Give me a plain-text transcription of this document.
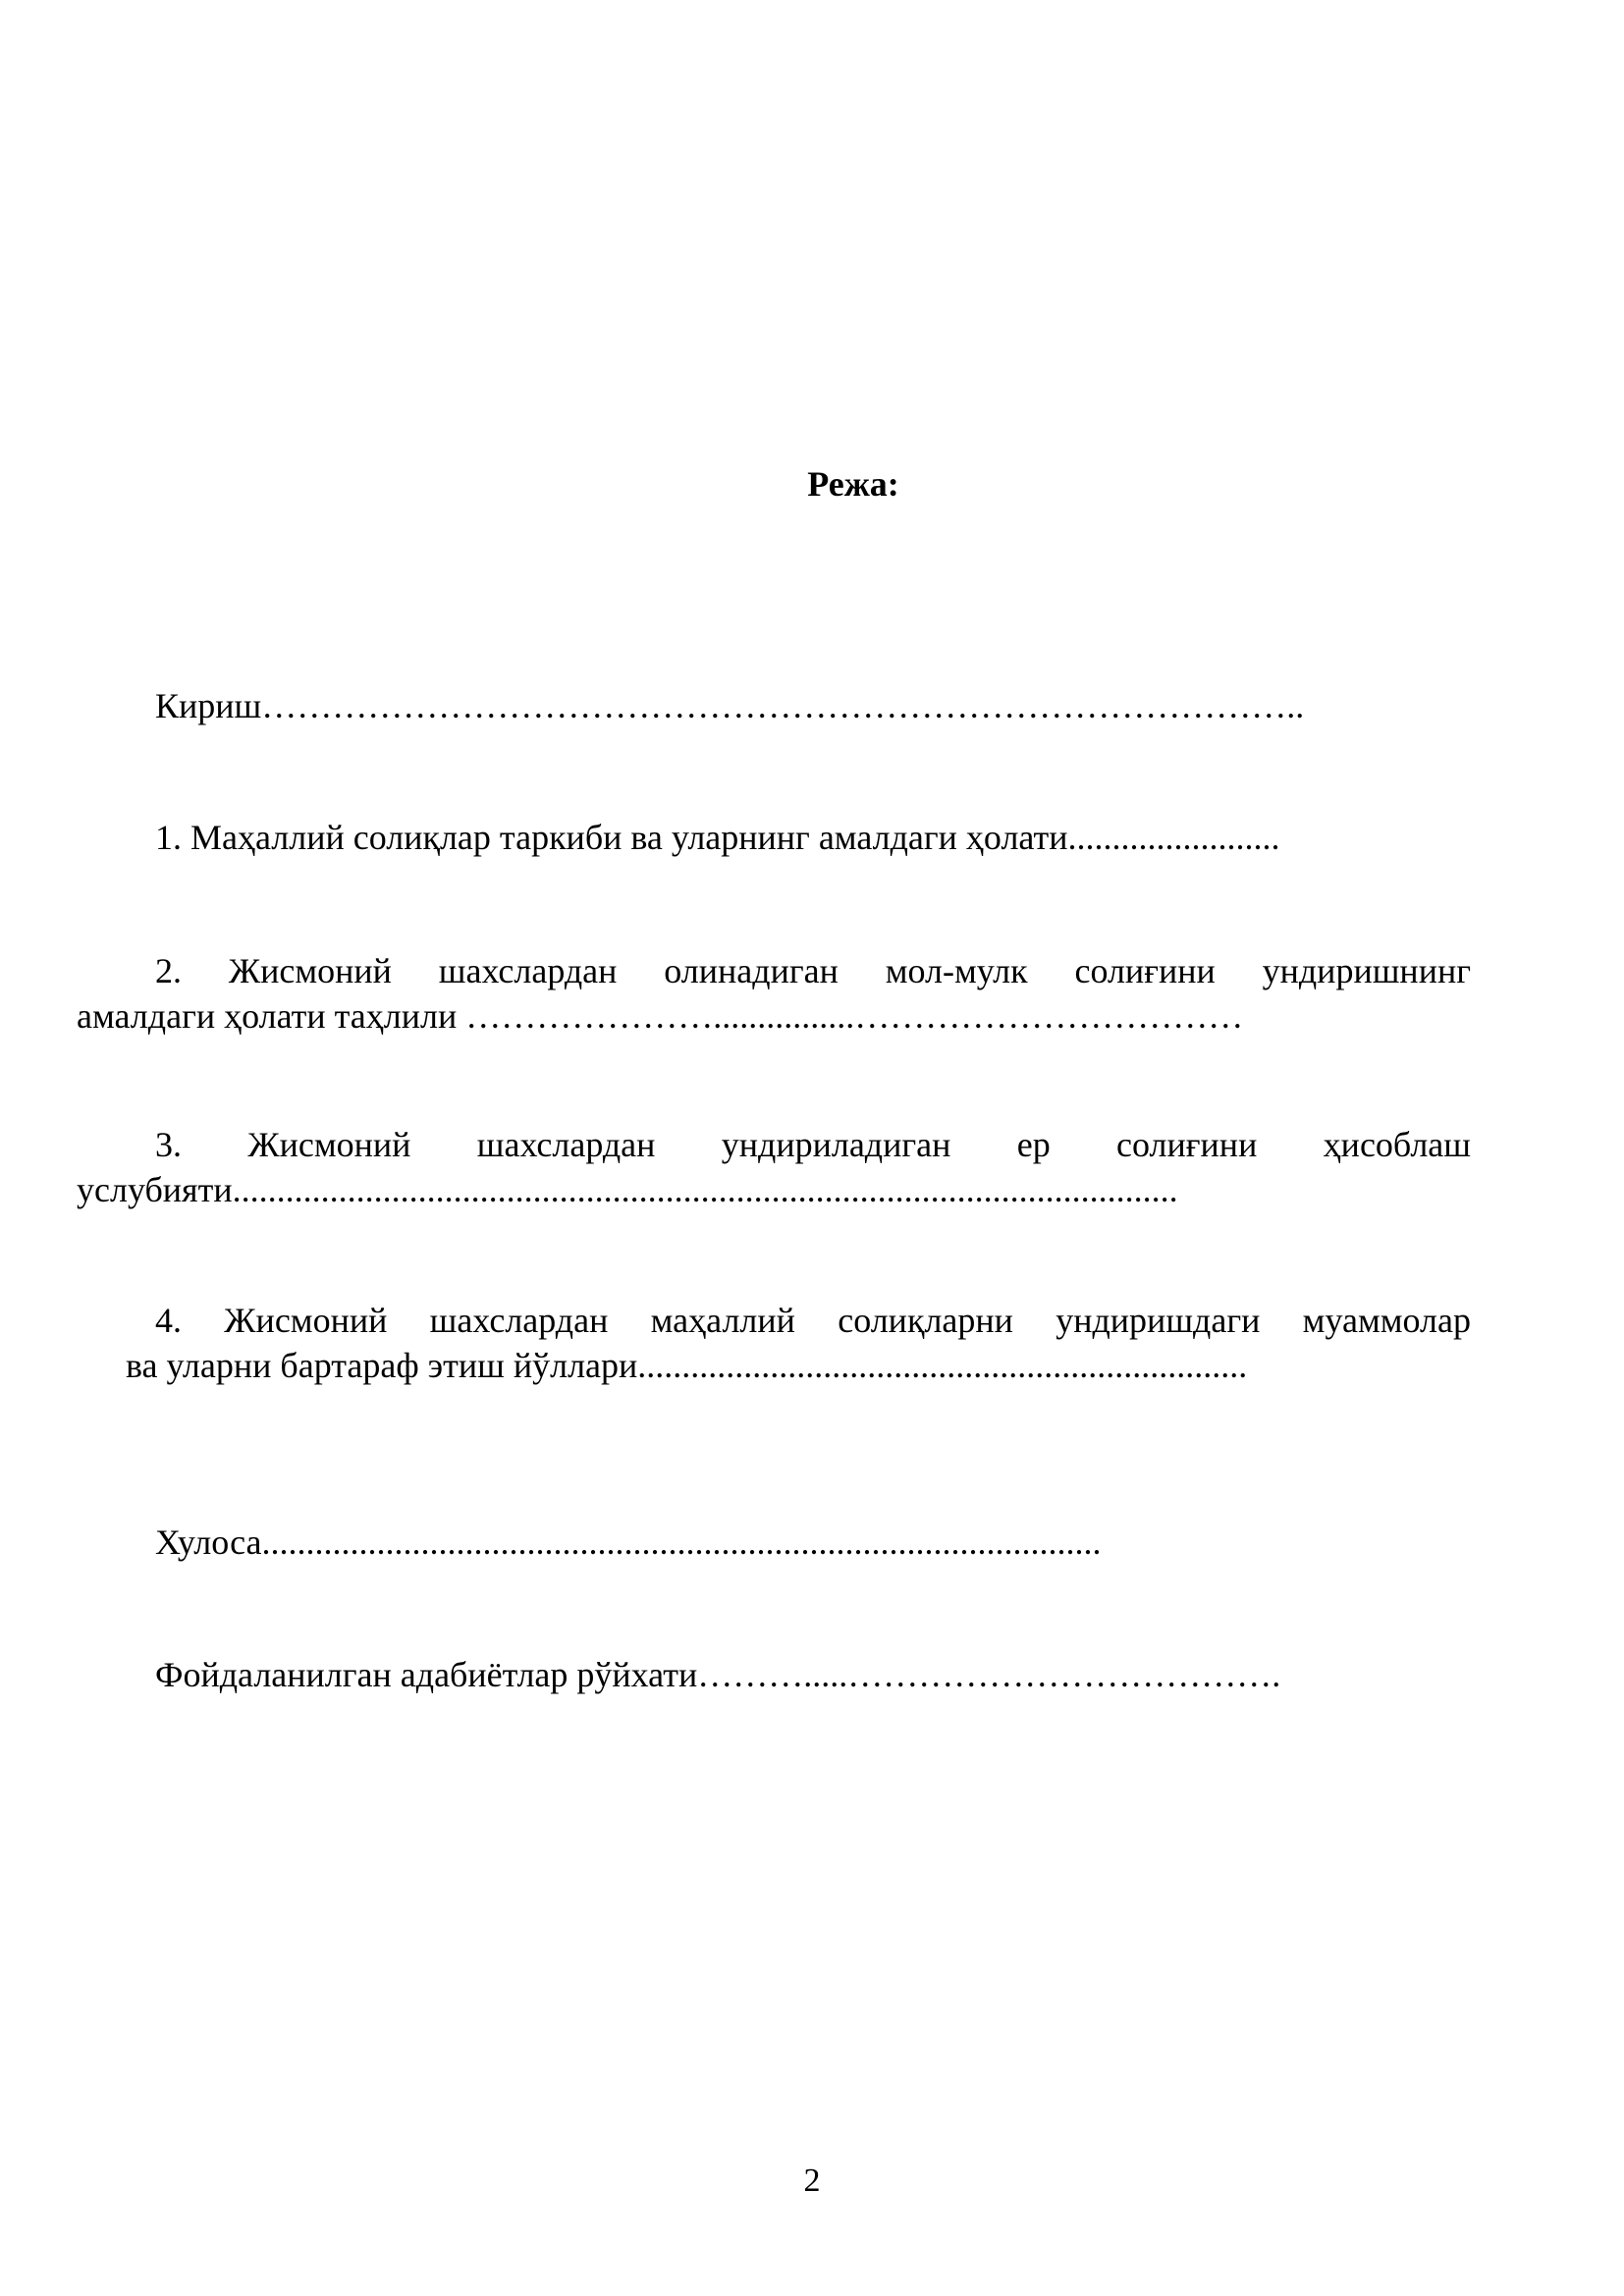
Режа:

Кириш……………………………………………………………………………..

1. Маҳаллий солиқлар таркиби ва уларнинг амалдаги ҳолати........................

2. Жисмоний шахслардан олинадиган мол-мулк солиғини ундиришнинг
амалдаги ҳолати таҳлили …………………................……………………………
3. Жисмоний шахслардан ундириладиган ер солиғини ҳисоблаш
услубияти...........................................................................................................
4. Жисмоний шахслардан маҳаллий солиқларни ундиришдаги муаммолар
ва уларни бартараф этиш йўллари.....................................................................

Хулоса...............................................................................................

Фойдаланилган адабиётлар рўйхати……….....……………………………….

2
